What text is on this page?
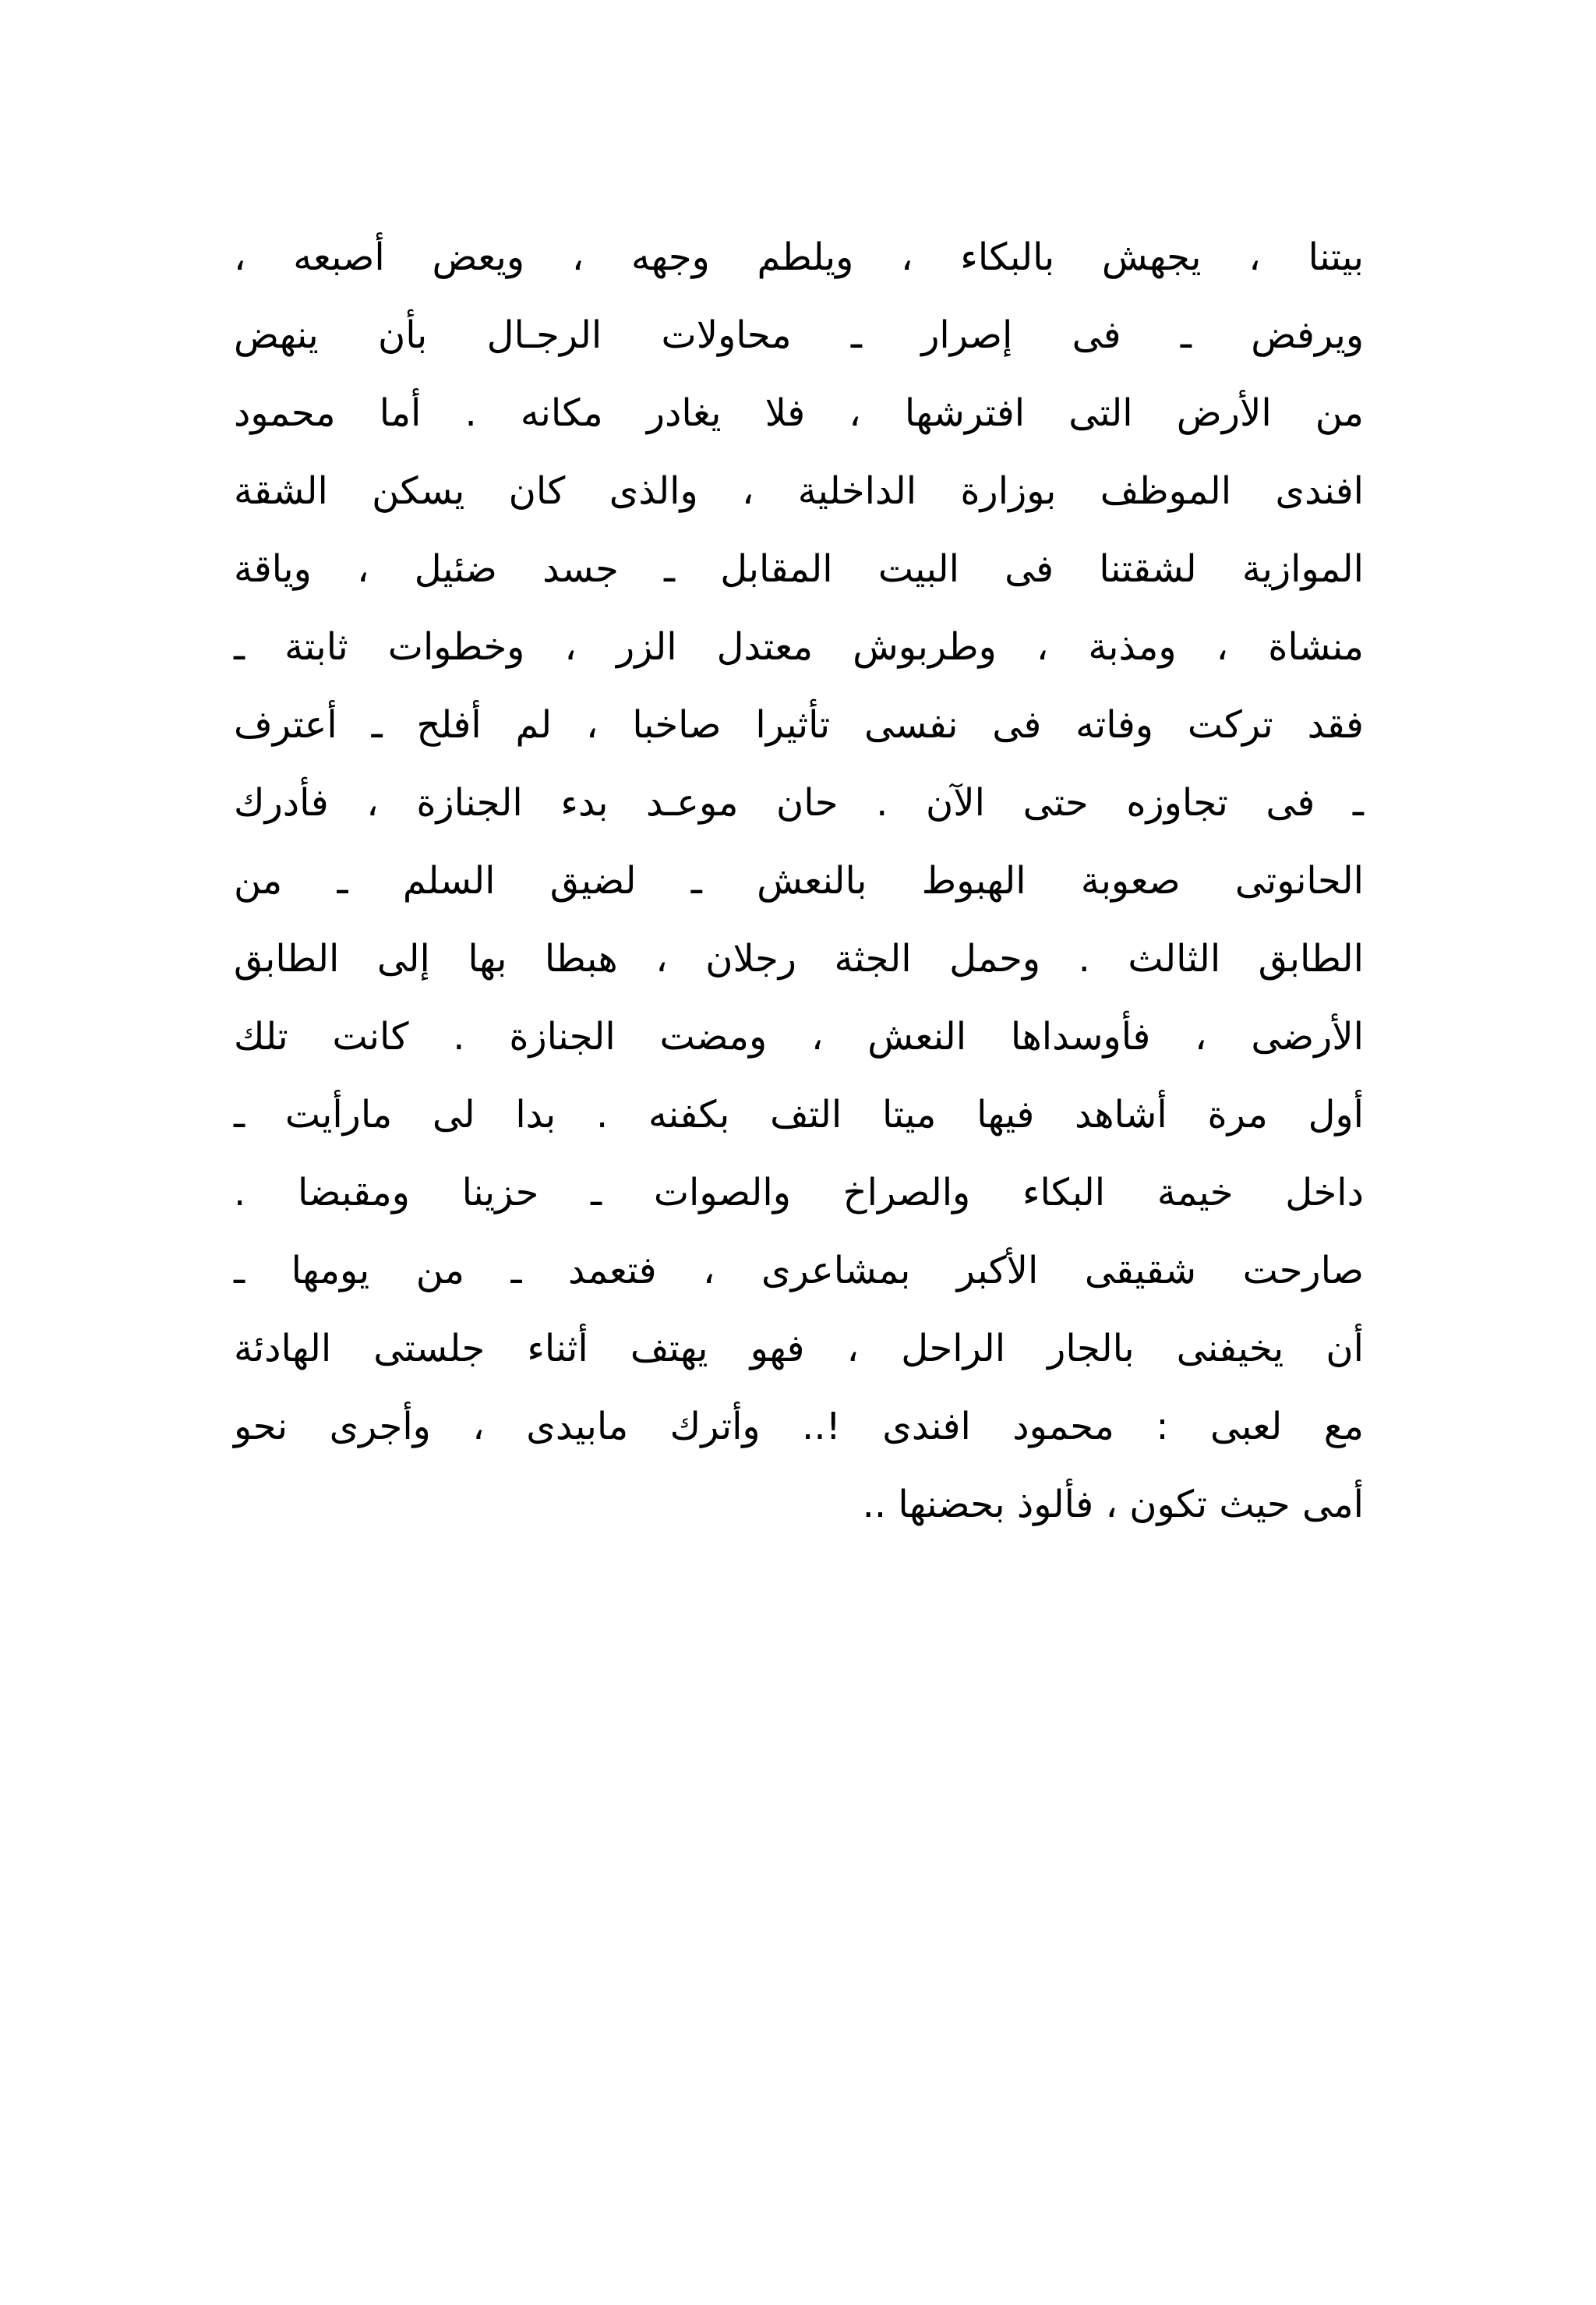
بيتنا ، يجهش بالبكاء ، ويلطم وجهه ، ويعض أصبعه ،
ويرفض ـ فى إصرار ـ محاولات الرجـال بأن ينهض
من الأرض التى افترشها ، فلا يغادر مكانه . أما محمود
افندى الموظف بوزارة الداخلية ، والذى كان يسكن الشقة
الموازية لشقتنا فى البيت المقابل ـ جسد ضئيل ، وياقة
منشاة ، ومذبة ، وطربوش معتدل الزر ، وخطوات ثابتة ـ
فقد تركت وفاته فى نفسى تأثيرا صاخبا ، لم أفلح ـ أعترف
ـ فى تجاوزه حتى الآن . حان موعـد بدء الجنازة ، فأدرك
الحانوتى صعوبة الهبوط بالنعش ـ لضيق السلم ـ من
الطابق الثالث . وحمل الجثة رجلان ، هبطا بها إلى الطابق
الأرضى ، فأوسداها النعش ، ومضت الجنازة . كانت تلك
أول مرة أشاهد فيها ميتا التف بكفنه . بدا لى مارأيت ـ
داخل خيمة البكاء والصراخ والصوات ـ حزينا ومقبضا .
صارحت شقيقى الأكبر بمشاعرى ، فتعمد ـ من يومها ـ
أن يخيفنى بالجار الراحل ، فهو يهتف أثناء جلستى الهادئة
مع لعبى : محمود افندى !.. وأترك مابيدى ، وأجرى نحو
أمى حيث تكون ، فألوذ بحضنها ..
